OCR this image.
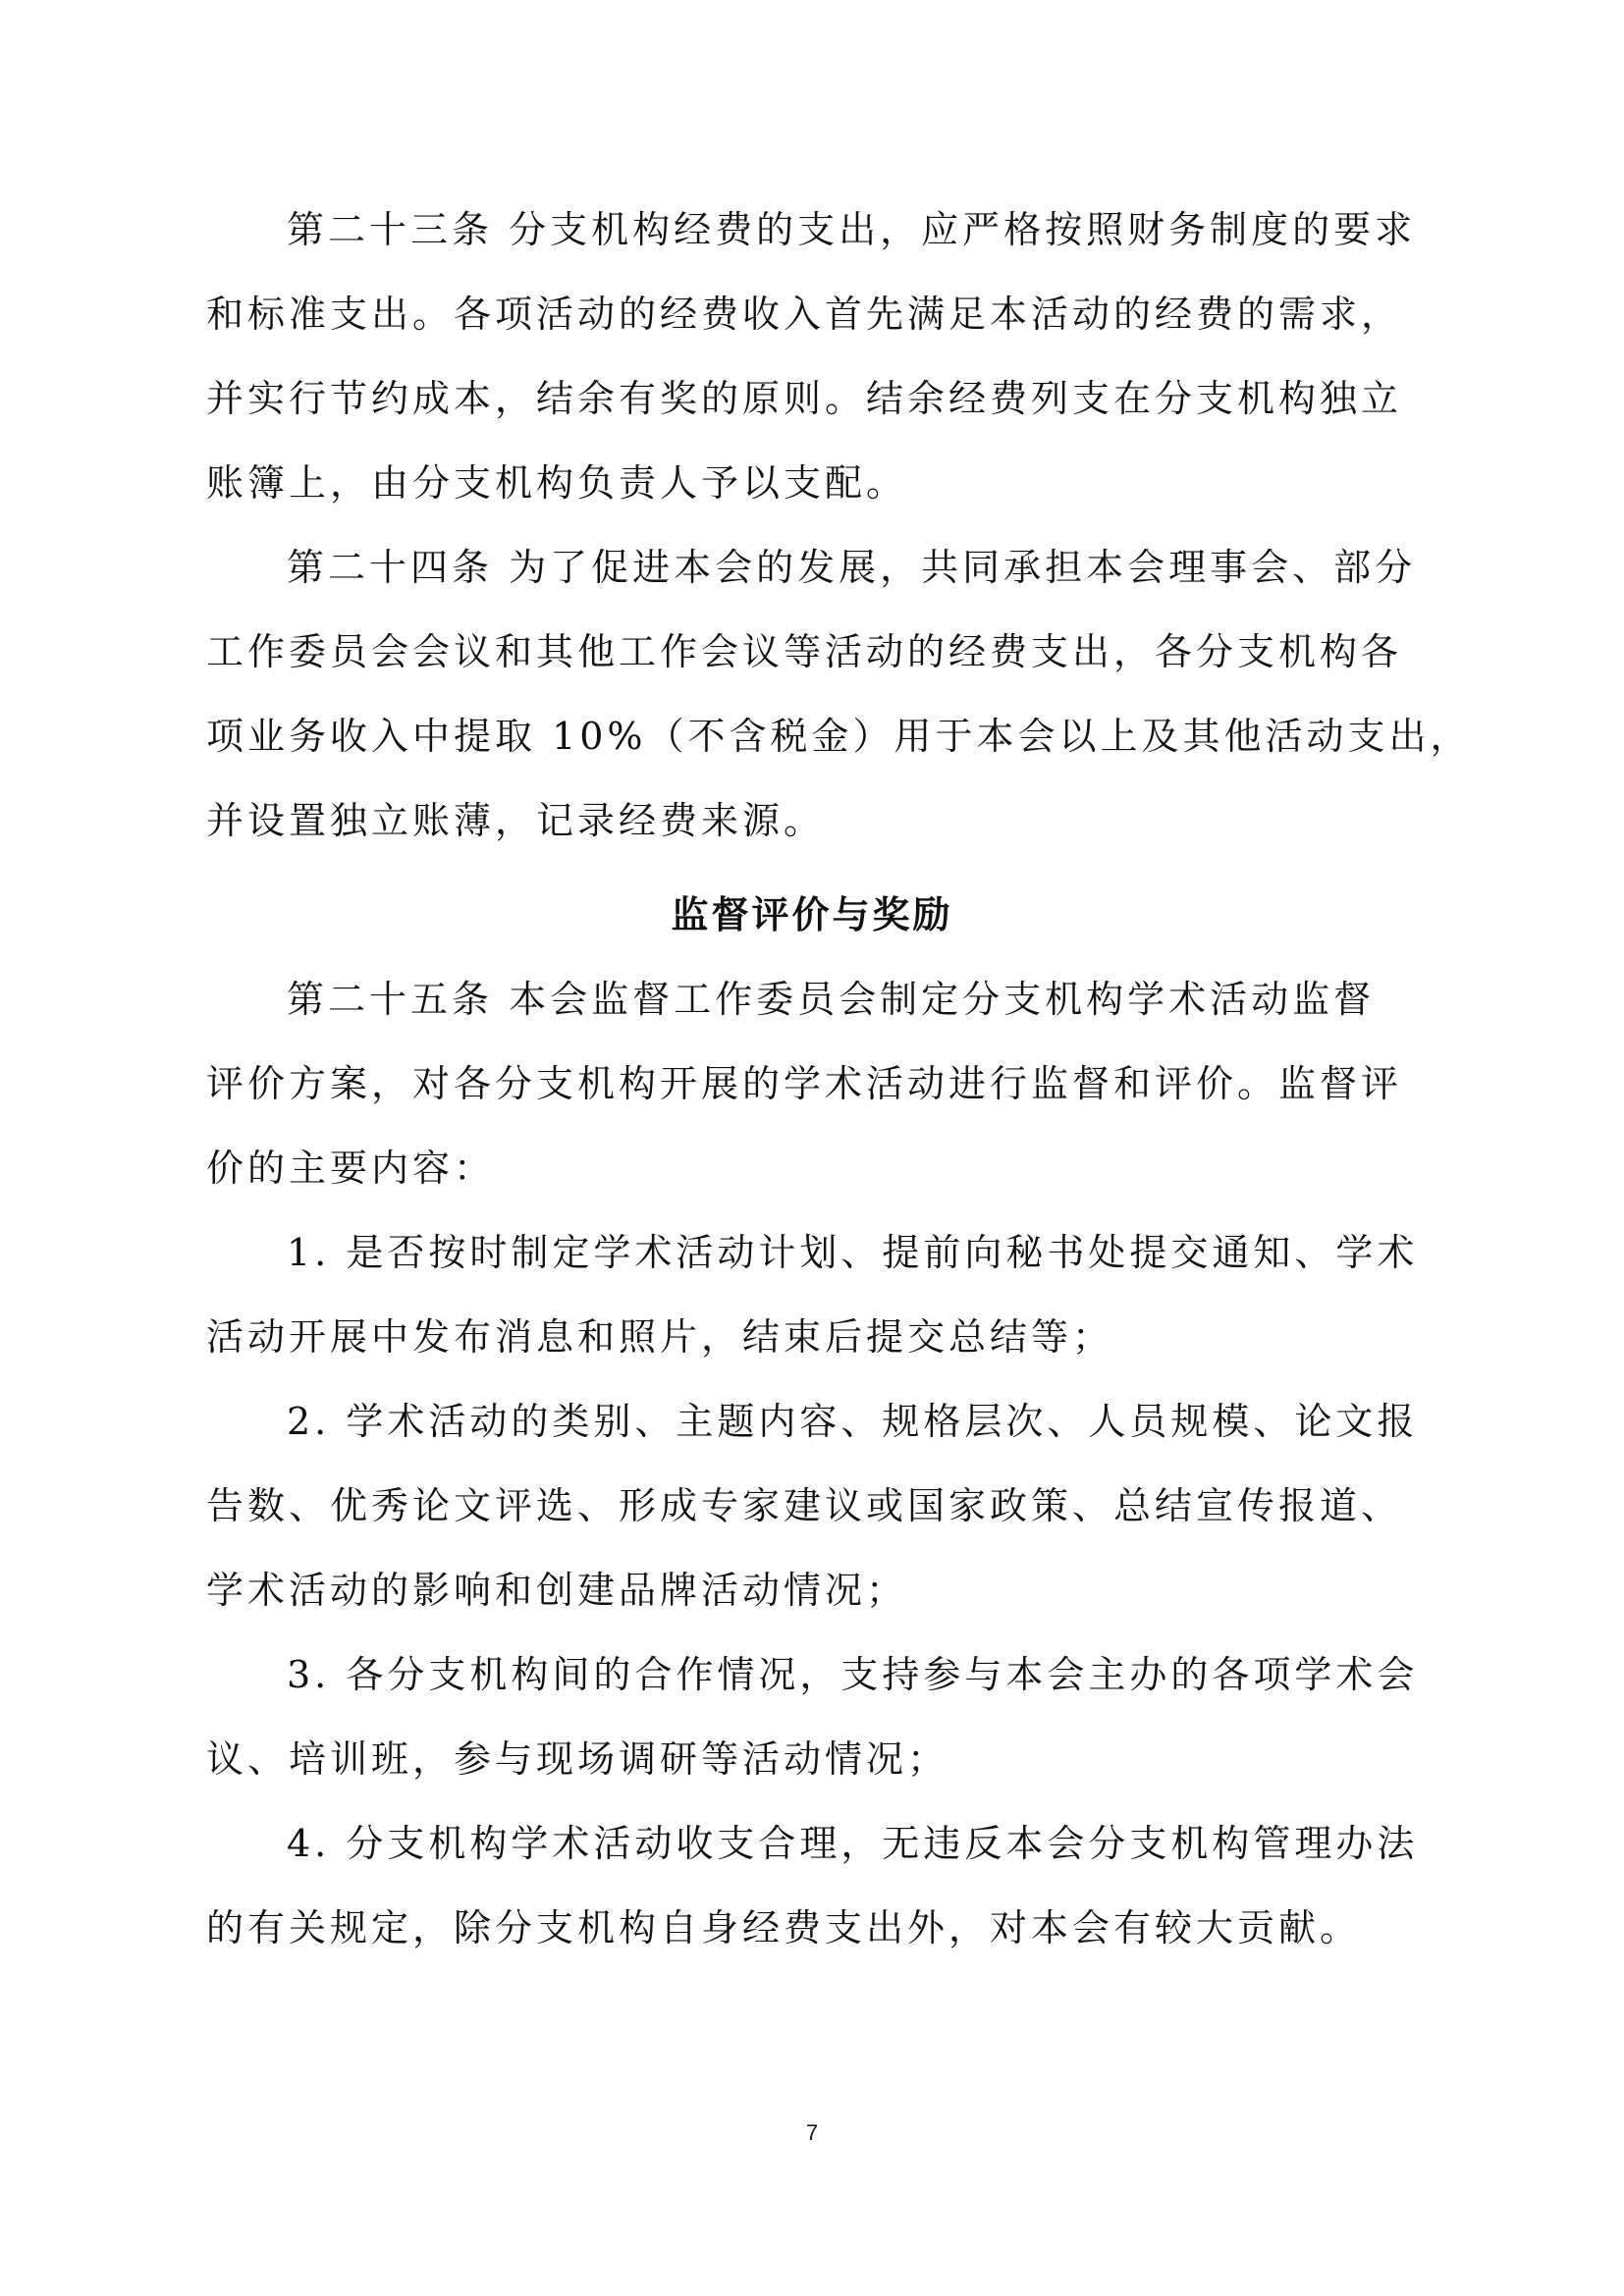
第二十三条 分支机构经费的支出，应严格按照财务制度的要求
和标准支出。各项活动的经费收入首先满足本活动的经费的需求，
并实行节约成本，结余有奖的原则。结余经费列支在分支机构独立
账簿上，由分支机构负责人予以支配。
第二十四条 为了促进本会的发展，共同承担本会理事会、部分
工作委员会会议和其他工作会议等活动的经费支出，各分支机构各
项业务收入中提取 10%（不含税金）用于本会以上及其他活动支出，
并设置独立账薄，记录经费来源。
监督评价与奖励
第二十五条 本会监督工作委员会制定分支机构学术活动监督
评价方案，对各分支机构开展的学术活动进行监督和评价。监督评
价的主要内容：
1. 是否按时制定学术活动计划、提前向秘书处提交通知、学术
活动开展中发布消息和照片，结束后提交总结等；
2. 学术活动的类别、主题内容、规格层次、人员规模、论文报
告数、优秀论文评选、形成专家建议或国家政策、总结宣传报道、
学术活动的影响和创建品牌活动情况；
3. 各分支机构间的合作情况，支持参与本会主办的各项学术会
议、培训班，参与现场调研等活动情况；
4. 分支机构学术活动收支合理，无违反本会分支机构管理办法
的有关规定，除分支机构自身经费支出外，对本会有较大贡献。
7
